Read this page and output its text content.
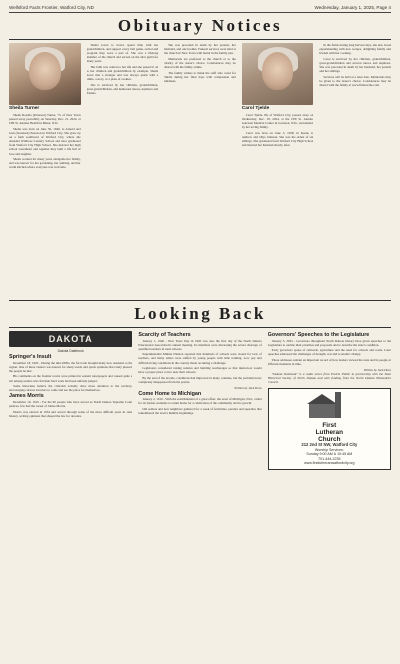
Wellsford Facts Frontier, Watford City, ND	Wednesday, January 1, 2025, Page 4
Obituary Notices
Sheila Turner

Sheila Rosella (Peterson) Turner, 75, of New Town passed away peacefully on Saturday, Dec. 21, 2024, at CHI St. Alexius Health in Minot, N.D.

Sheila was born on June 30, 1949, to Arnold and Jean (Sorensen) Peterson in Watford City. She grew up on a farm southwest of Watford City, where she attended Wildrose Country School and later graduated from Watford City High School. She married her high school sweetheart and together they built a life full of love and laughter.

Sheila worked for many years alongside her family, and was known for her gardening, her quilting, and her warm kitchen where everyone was welcome.

Sheila loved to travel, spend time with her grandchildren, and support every ball game, recital and program they were a part of. She was a lifelong member of the church and served on the altar guild for many years.

Her faith was central to her life and she passed it on to her children and grandchildren by example. Sheila never met a stranger and was always quick with a smile, a story, or a plate of cookies.

She is survived by her children, grandchildren, great-grandchildren, and numerous nieces, nephews and friends.

She was preceded in death by her parents, her husband, and one brother. Funeral services were held at the church in New Town with burial in the family plot.

Memorials are preferred to the church or to the charity of the donor's choice. Condolences may be shared with the family online.

The family wishes to thank the staff who cared for Sheila during her final days with compassion and kindness.

Carol Tjelde

Carol Tjelde, 86, of Watford City, passed away on Wednesday, Dec. 18, 2024, at the CHI St. Alexius Garrison Medical Center in Garrison, N.D., surrounded by her loving family.

Carol was born on June 3, 1938, in Keene to Andrew and Olga Johnson. She was the oldest of six siblings. She graduated from Watford City High School and married her husband shortly after.

In the fields during long harvest days, she also loved experimenting with new recipes, delighting family and friends with her cooking.

Carol is survived by her children, grandchildren, great-grandchildren and several nieces and nephews. She was preceded in death by her husband, her parents and her siblings.

Services will be held at a later date. Memorials may be given to the donor's choice. Condolences may be shared with the family at www.fullerscms.com.

Looking Back
DAKOTA
Dakota Datebook
Springer's Insult

December 18, 1920 - During the mid-1800s, the fur trade brought many new residents to the region. One of these visitors was known for sharp words and quick opinions that rarely pleased the people he met.

His comments on the frontier towns were printed in eastern newspapers and caused quite a stir among settlers who felt their hard work had been unfairly judged.

Some historians believe the criticism actually drew more attention to the territory, encouraging curious travelers to come and see the place for themselves.

James Morris

December 19, 1919 - For the 90 people who have served as North Dakota Supreme Court justices, few had the career of James Morris.

Morris was elected in 1934 and served through some of the most difficult years in state history, writing opinions that shaped the law for decades.

Scarcity of Teachers

January 1, 1920 - New Years Day in 1920 was also the first day of the North Dakota Educational Association's annual meeting. Its members were discussing the severe shortage of qualified teachers in rural schools.

Superintendent Minnie Nielson reported that hundreds of schools were closed for lack of teachers, and many others were staffed by young people with little training. Low pay and difficult living conditions in the country made recruiting a challenge.

Legislators considered raising salaries and building teacherages so that instructors would have a proper place to live near their schools.

By the end of the decade, conditions had improved in many counties, but the problem never completely disappeared from the prairie.

Written by Jack Dura
Come Home to Michigan

January 2, 1910 - With the establishment of a great effort, the town of Michigan, N.D., called for its former residents to return home for a celebration of the community and its growth.

Old settlers and new neighbors gathered for a week of festivities, parades and speeches that remembered the town's humble beginnings.

Governors' Speeches to the Legislature

January 3, 2023 - Governors throughout North Dakota history have given speeches to the Legislature to outline their priorities and proposals and to describe the state's condition.

Early governors spoke of railroads, agriculture and the need for schools and roads. Later speeches addressed the challenges of drought, war and economic change.

These addresses remain an important record of how leaders viewed the state and its people at different moments in time.

Written by Jack Dura

"Dakota Datebook" is a radio series from Prairie Public in partnership with the State Historical Society of North Dakota and with funding from the North Dakota Humanities Council.

First
Lutheran
Church
212 2nd St NW, Watford City
Worship Services:
Sunday 9:00 AM & 10:45 AM
701-444-2235
www.firstlutheranwatfordcity.org
